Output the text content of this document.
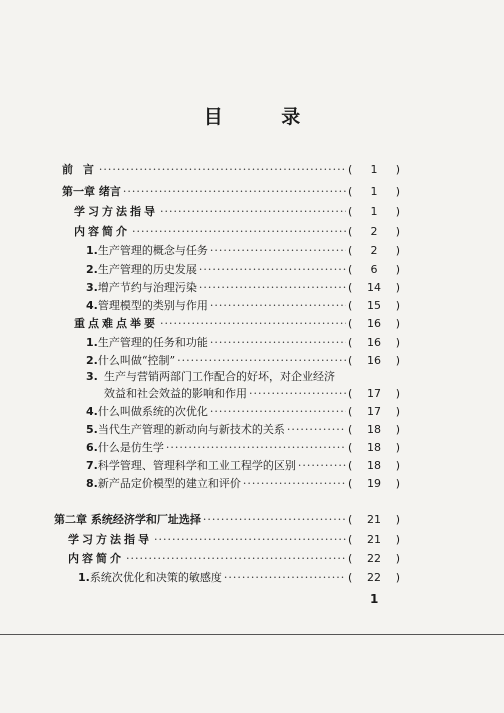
目 录
前 言 ·····	(	1	)
第一章 绪言 ·····	(	1	)
学习方法指导 ·····	(	1	)
内容简介 ·····	(	2	)
1. 生产管理的概念与任务 ·····	(	2	)
2. 生产管理的历史发展 ·····	(	6	)
3. 增产节约与治理污染 ·····	(	14	)
4. 管理模型的类别与作用 ·····	(	15	)
重点难点举要 ·····	(	16	)
1. 生产管理的任务和功能 ·····	(	16	)
2. 什么叫做“控制” ·····	(	16	)
3. 生产与营销两部门工作配合的好坏，对企业经济
效益和社会效益的影响和作用 ·····	(	17	)
4. 什么叫做系统的次优化 ·····	(	17	)
5. 当代生产管理的新动向与新技术的关系 ·····	(	18	)
6. 什么是仿生学 ·····	(	18	)
7. 科学管理、管理科学和工业工程学的区别 ·····	(	18	)
8. 新产品定价模型的建立和评价 ·····	(	19	)
第二章 系统经济学和厂址选择 ·····	(	21	)
学习方法指导 ·····	(	21	)
内容简介 ·····	(	22	)
1. 系统次优化和决策的敏感度 ·····	(	22	)
1
